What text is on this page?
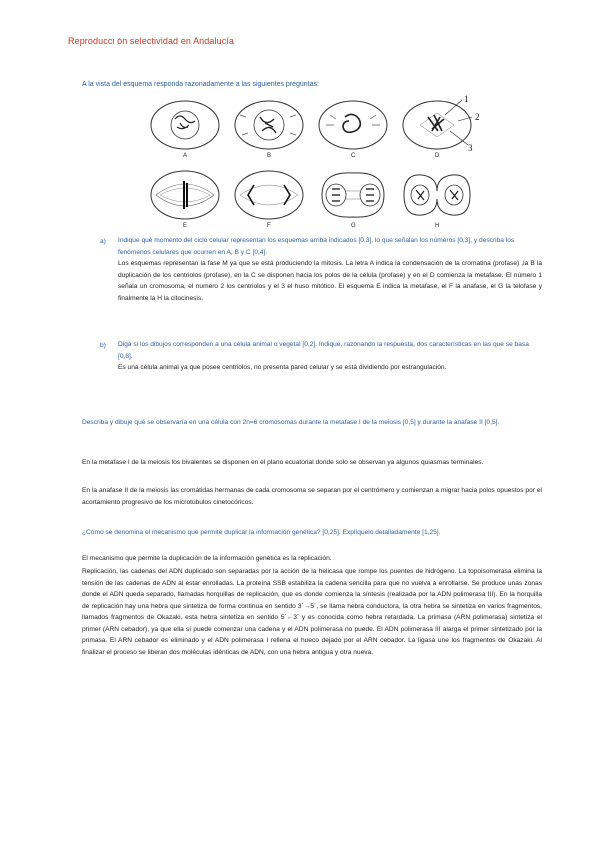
Reproducci ón selectividad en Andalucía
A la vista del esquema responda razonadamente a las siguientes preguntas:
1
2
3
A	B	C	D
E	F	G	H
a) Indique qué momento del ciclo celular representan los esquemas arriba indicados [0,3], lo que señalan los números [0,3], y describa los fenómenos celulares que ocurren en A, B y C [0,4].
Los esquemas representan la fase M ya que se está produciendo la mitosis. La letra A indica la condensación de la cromatina (profase) ,la B la duplicación de los centriolos (profase), en la C se disponen hacia los polos de la célula (profase) y en el D comienza la metafase. El número 1 señala un cromosoma, el numero 2 los centriolos y el 3 el huso mitótico. El esquema E indica la metafase, el F la anafase, el G la telofase y finalmente la H la citocinesis.
b) Diga si los dibujos corresponden a una célula animal o vegetal [0,2]. Indique, razonando la respuesta, dos características en las que se basa [0,8].
Es una célula animal ya que posee centriolos, no presenta pared celular y se está dividiendo por estrangulación.
Describa y dibuje qué se observaría en una célula con 2n=6 cromosomas durante la metafase I de la meiosis [0,5] y durante la anafase II [0,5].
En la metafase I de la meiosis los bivalentes se disponen en el plano ecuatorial donde solo se observan ya algunos quiasmas terminales.
En la anafase II de la meiosis las cromátidas hermanas de cada cromosoma se separan por el centrómero y comienzan a migrar hacia polos opuestos por el acortamiento progresivo de los microtúbulos cinetocóricos.
¿Cómo se denomina el mecanismo que permite duplicar la información genética? [0,25]. Explíquelo detalladamente [1,25].
El mecanismo que permite la duplicación de la información genética es la replicación.
Replicación, las cadenas del ADN duplicado son separadas por la acción de la helicasa que rompe los puentes de hidrógeno. La topoisomerasa elimina la tensión de las cadenas de ADN al estar enrolladas. La proteína SSB estabiliza la cadena sencilla para que no vuelva a enrollarse. Se produce unas zonas donde el ADN queda separado, llamadas horquillas de replicación, que es donde comienza la síntesis (realizada por la ADN polimerasa III). En la horquilla de replicación hay una hebra que sintetiza de forma continua en sentido 3´→5´, se llama hebra conductora, la otra hebra se sintetiza en varios fragmentos, llamados fragmentos de Okazaki, esta hebra sintetiza en sentido 5´←3´ y es conocida como hebra retardada. La primasa (ARN polimerasa) sintetiza el primer (ARN cebador), ya que ella sí puede comenzar una cadena y el ADN polimerasa no puede. El ADN polimerasa III alarga el primer sintetizado por la primasa. El ARN cebador es eliminado y el ADN polimerasa I rellena el hueco dejado por el ARN cebador. La ligasa une los fragmentos de Okazaki. Al finalizar el proceso se liberan dos moléculas idénticas de ADN, con una hebra antigua y otra nueva.
